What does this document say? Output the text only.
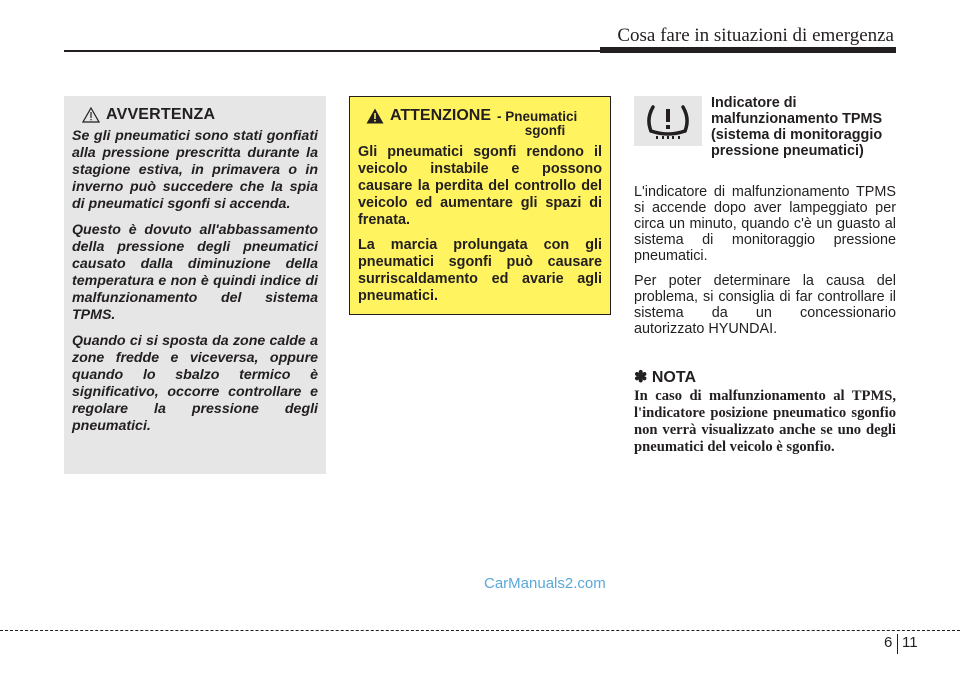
Cosa fare in situazioni di emergenza
AVVERTENZA

Se gli pneumatici sono stati gonfiati alla pressione prescritta durante la stagione estiva, in primavera o in inverno può succedere che la spia di pneumatici sgonfi si accenda.

Questo è dovuto all'abbassamento della pressione degli pneumatici causato dalla diminuzione della temperatura e non è quindi indice di malfunzionamento del sistema TPMS.

Quando ci si sposta da zone calde a zone fredde e viceversa, oppure quando lo sbalzo termico è significativo, occorre controllare e regolare la pressione degli pneumatici.

ATTENZIONE - Pneumatici
sgonfi

Gli pneumatici sgonfi rendono il veicolo instabile e possono causare la perdita del controllo del veicolo ed aumentare gli spazi di frenata.

La marcia prolungata con gli pneumatici sgonfi può causare surriscaldamento ed avarie agli pneumatici.

Indicatore di malfunzionamento TPMS (sistema di monitoraggio pressione pneumatici)

L'indicatore di malfunzionamento TPMS si accende dopo aver lampeggiato per circa un minuto, quando c'è un guasto al sistema di monitoraggio pressione pneumatici.

Per poter determinare la causa del problema, si consiglia di far controllare il sistema da un concessionario autorizzato HYUNDAI.

✽ NOTA

In caso di malfunzionamento al TPMS, l'indicatore posizione pneumatico sgonfio non verrà visualizzato anche se uno degli pneumatici del veicolo è sgonfio.

CarManuals2.com
6 11
